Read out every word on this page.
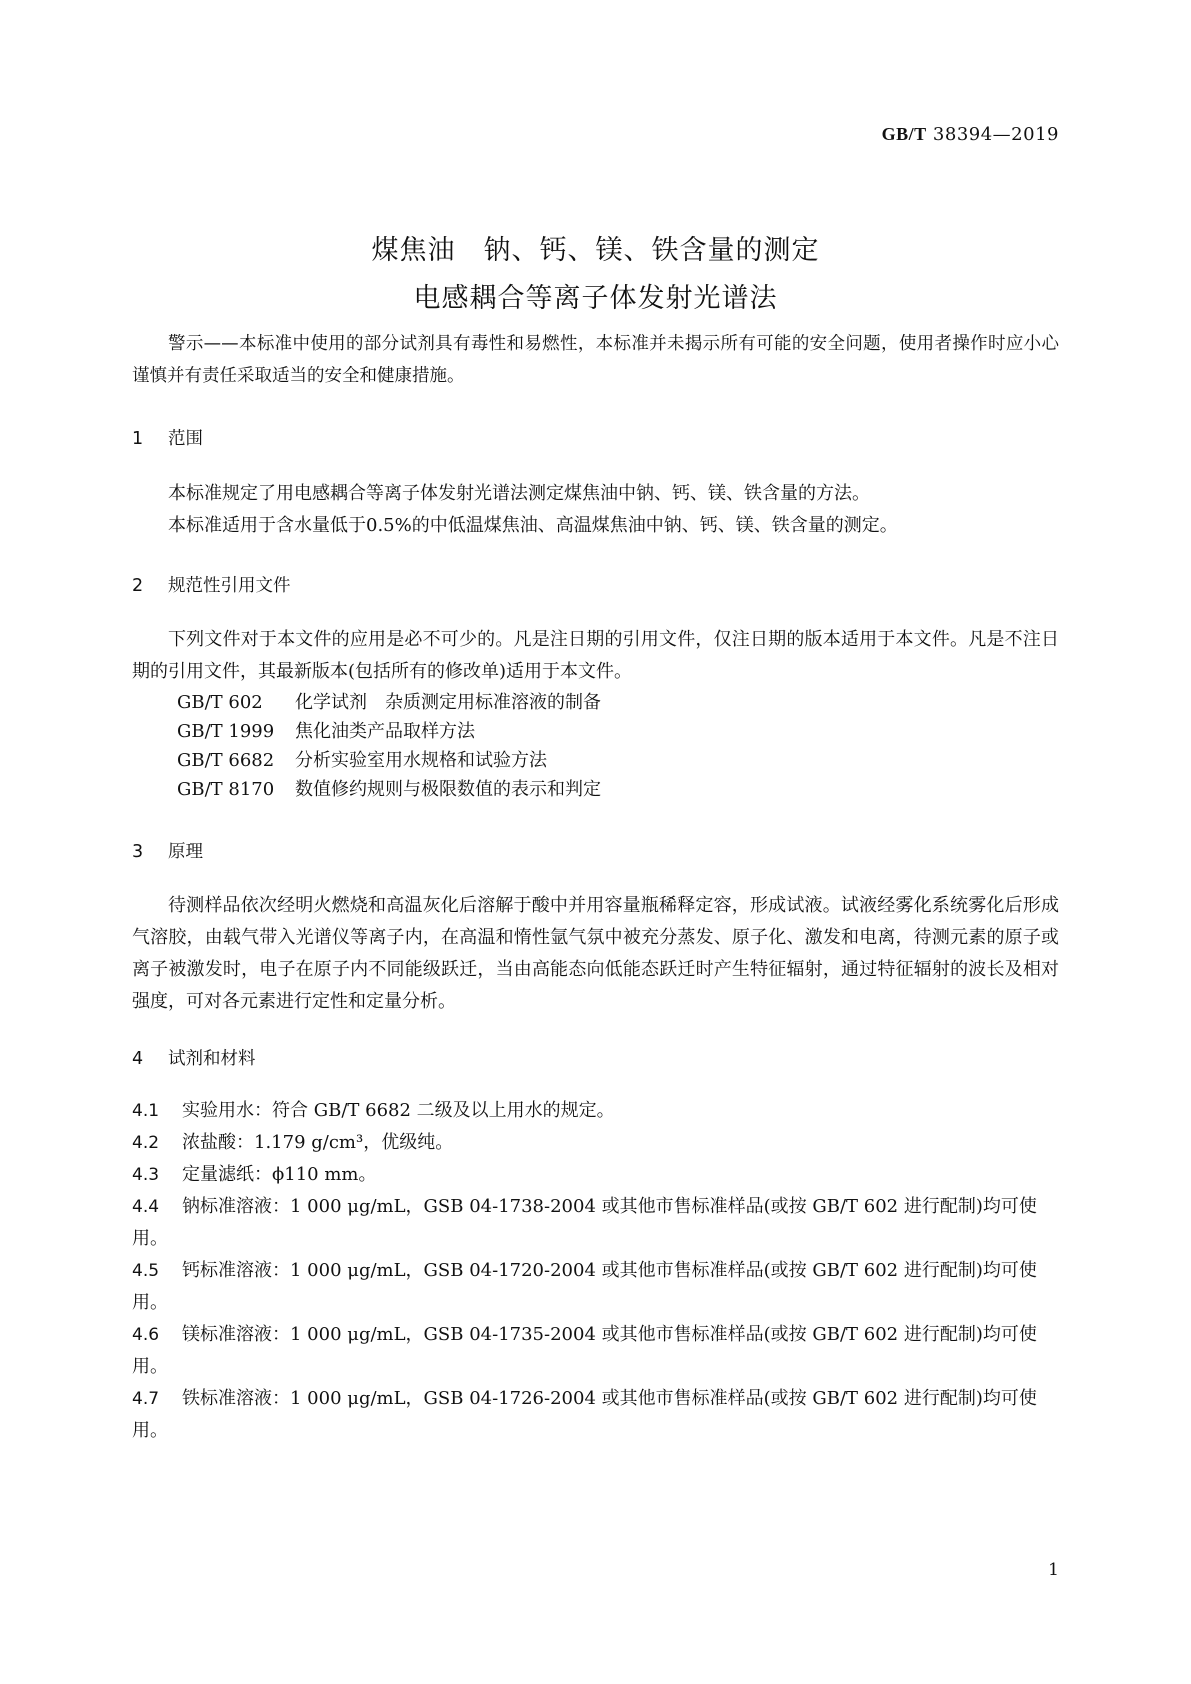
GB/T 38394—2019
煤焦油　钠、钙、镁、铁含量的测定
电感耦合等离子体发射光谱法
警示——本标准中使用的部分试剂具有毒性和易燃性，本标准并未揭示所有可能的安全问题，使用者操作时应小心谨慎并有责任采取适当的安全和健康措施。
1 范围
本标准规定了用电感耦合等离子体发射光谱法测定煤焦油中钠、钙、镁、铁含量的方法。
本标准适用于含水量低于0.5%的中低温煤焦油、高温煤焦油中钠、钙、镁、铁含量的测定。
2 规范性引用文件
下列文件对于本文件的应用是必不可少的。凡是注日期的引用文件，仅注日期的版本适用于本文件。凡是不注日期的引用文件，其最新版本(包括所有的修改单)适用于本文件。
GB/T 602 化学试剂　杂质测定用标准溶液的制备
GB/T 1999 焦化油类产品取样方法
GB/T 6682 分析实验室用水规格和试验方法
GB/T 8170 数值修约规则与极限数值的表示和判定
3 原理
待测样品依次经明火燃烧和高温灰化后溶解于酸中并用容量瓶稀释定容，形成试液。试液经雾化系统雾化后形成气溶胶，由载气带入光谱仪等离子内，在高温和惰性氩气氛中被充分蒸发、原子化、激发和电离，待测元素的原子或离子被激发时，电子在原子内不同能级跃迁，当由高能态向低能态跃迁时产生特征辐射，通过特征辐射的波长及相对强度，可对各元素进行定性和定量分析。
4 试剂和材料
4.1 实验用水：符合 GB/T 6682 二级及以上用水的规定。
4.2 浓盐酸：1.179 g/cm³，优级纯。
4.3 定量滤纸：ϕ110 mm。
4.4 钠标准溶液：1 000 μg/mL，GSB 04-1738-2004 或其他市售标准样品(或按 GB/T 602 进行配制)均可使用。
4.5 钙标准溶液：1 000 μg/mL，GSB 04-1720-2004 或其他市售标准样品(或按 GB/T 602 进行配制)均可使用。
4.6 镁标准溶液：1 000 μg/mL，GSB 04-1735-2004 或其他市售标准样品(或按 GB/T 602 进行配制)均可使用。
4.7 铁标准溶液：1 000 μg/mL，GSB 04-1726-2004 或其他市售标准样品(或按 GB/T 602 进行配制)均可使用。
1
